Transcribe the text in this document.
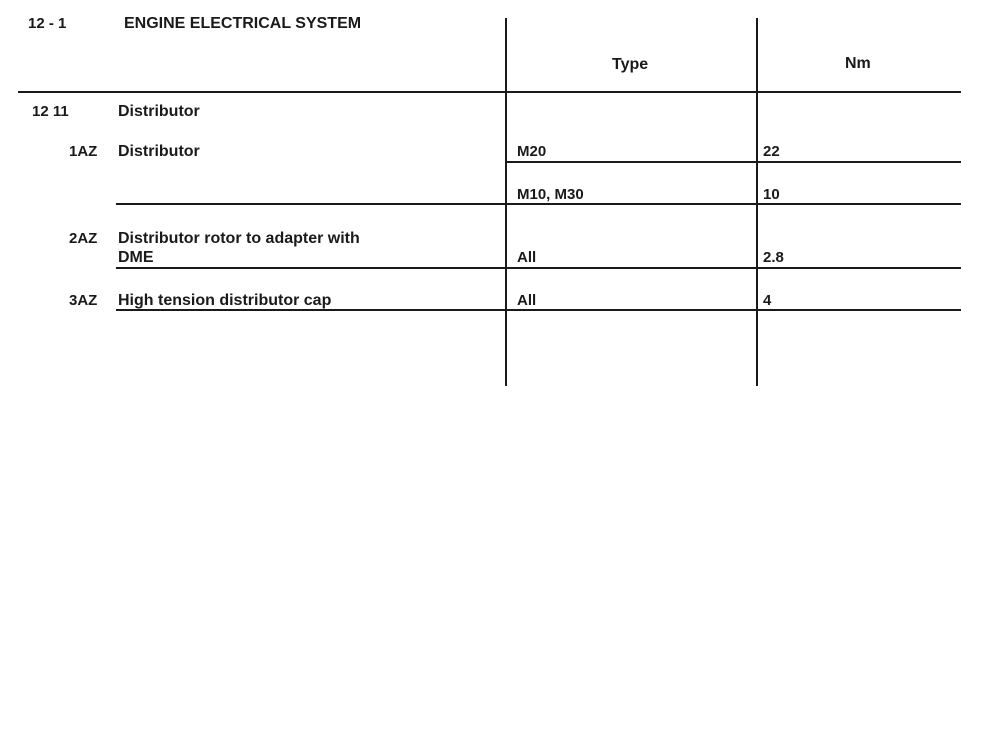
12 - 1	ENGINE ELECTRICAL SYSTEM
Type	Nm
12 11	Distributor
1AZ Distributor	M20	22
M10, M30	10
2AZ Distributor rotor to adapter with
DME	All	2.8
3AZ High tension distributor cap	All	4
